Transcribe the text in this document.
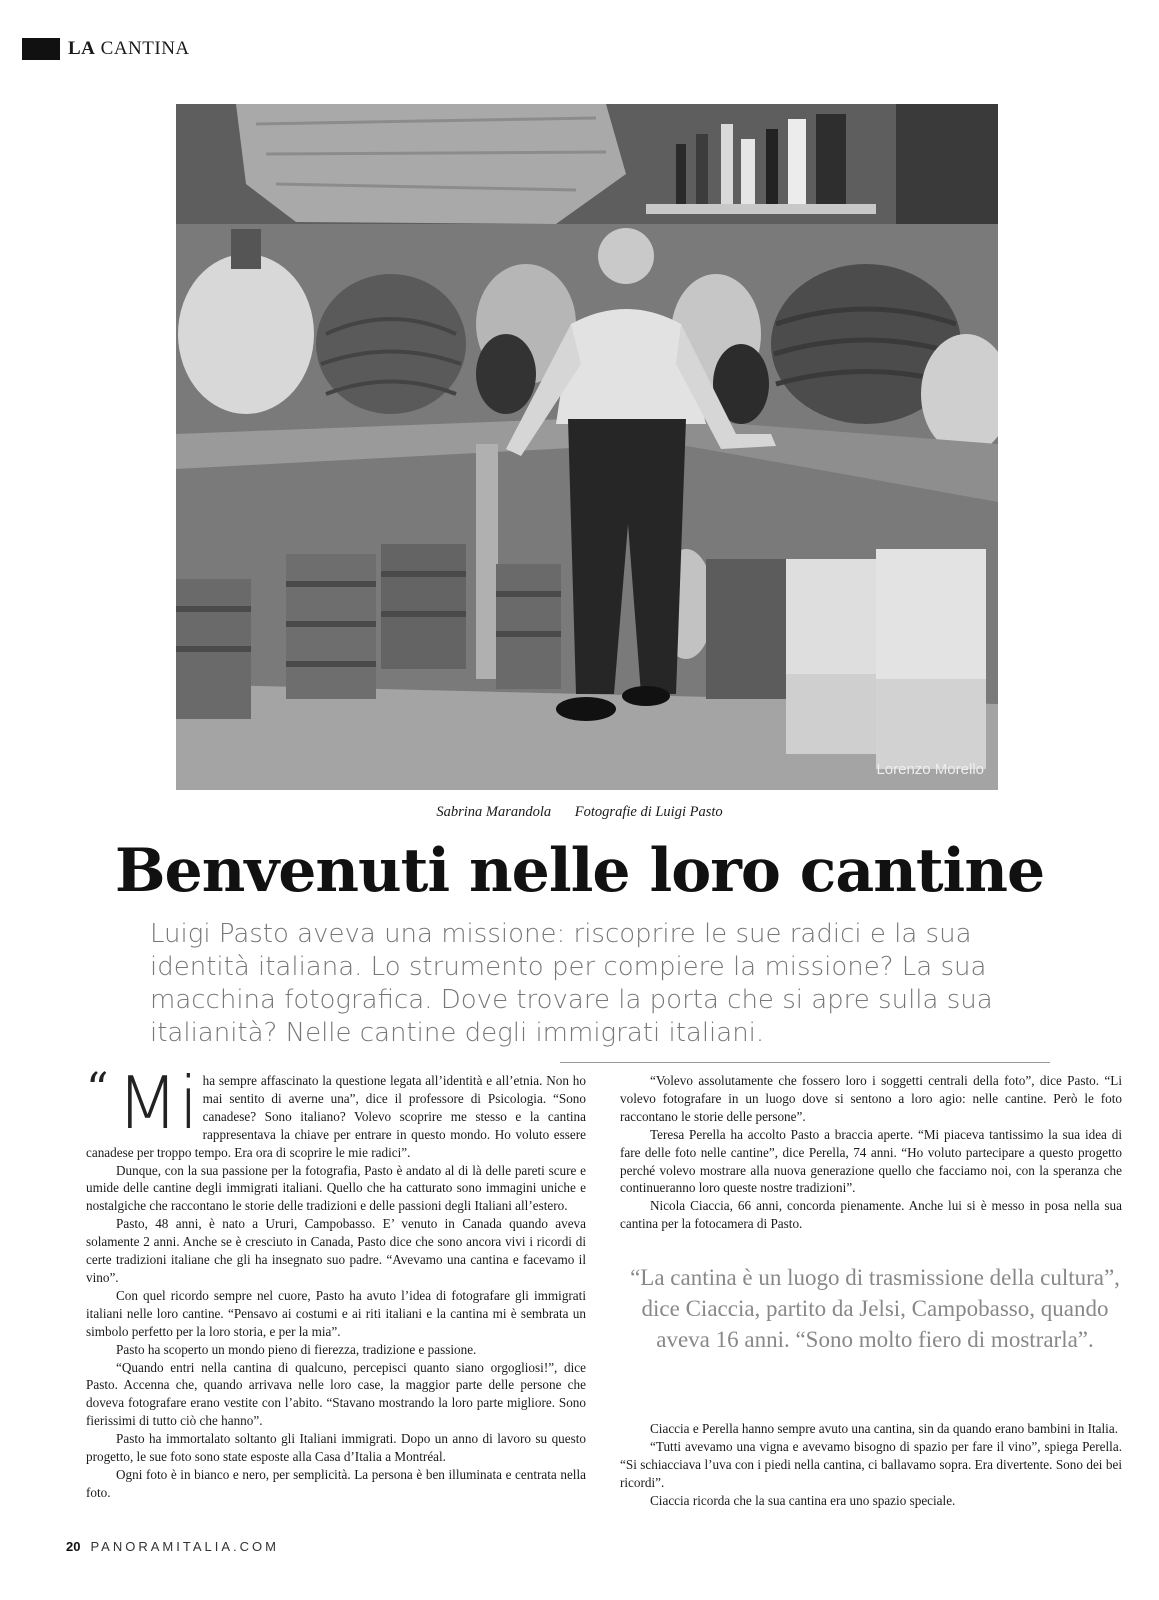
LA CANTINA
Lorenzo Morello
Sabrina Marandola Fotografie di Luigi Pasto
Benvenuti nelle loro cantine
Luigi Pasto aveva una missione: riscoprire le sue radici e la sua identità italiana. Lo strumento per compiere la missione? La sua macchina fotografica. Dove trovare la porta che si apre sulla sua italianità? Nelle cantine degli immigrati italiani.
“ Mi ha sempre affascinato la questione legata all’identità e all’etnia. Non ho mai sentito di averne una”, dice il professore di Psicologia. “Sono canadese? Sono italiano? Volevo scoprire me stesso e la cantina rappresentava la chiave per entrare in questo mondo. Ho voluto essere canadese per troppo tempo. Era ora di scoprire le mie radici”.

Dunque, con la sua passione per la fotografia, Pasto è andato al di là delle pareti scure e umide delle cantine degli immigrati italiani. Quello che ha catturato sono immagini uniche e nostalgiche che raccontano le storie delle tradizioni e delle passioni degli Italiani all’estero.

Pasto, 48 anni, è nato a Ururi, Campobasso. E’ venuto in Canada quando aveva solamente 2 anni. Anche se è cresciuto in Canada, Pasto dice che sono ancora vivi i ricordi di certe tradizioni italiane che gli ha insegnato suo padre. “Avevamo una cantina e facevamo il vino”.

Con quel ricordo sempre nel cuore, Pasto ha avuto l’idea di fotografare gli immigrati italiani nelle loro cantine. “Pensavo ai costumi e ai riti italiani e la cantina mi è sembrata un simbolo perfetto per la loro storia, e per la mia”.

Pasto ha scoperto un mondo pieno di fierezza, tradizione e passione.

“Quando entri nella cantina di qualcuno, percepisci quanto siano orgogliosi!”, dice Pasto. Accenna che, quando arrivava nelle loro case, la maggior parte delle persone che doveva fotografare erano vestite con l’abito. “Stavano mostrando la loro parte migliore. Sono fierissimi di tutto ciò che hanno”.

Pasto ha immortalato soltanto gli Italiani immigrati. Dopo un anno di lavoro su questo progetto, le sue foto sono state esposte alla Casa d’Italia a Montréal.

Ogni foto è in bianco e nero, per semplicità. La persona è ben illuminata e centrata nella foto.

“Volevo assolutamente che fossero loro i soggetti centrali della foto”, dice Pasto. “Li volevo fotografare in un luogo dove si sentono a loro agio: nelle cantine. Però le foto raccontano le storie delle persone”.

Teresa Perella ha accolto Pasto a braccia aperte. “Mi piaceva tantissimo la sua idea di fare delle foto nelle cantine”, dice Perella, 74 anni. “Ho voluto partecipare a questo progetto perché volevo mostrare alla nuova generazione quello che facciamo noi, con la speranza che continueranno loro queste nostre tradizioni”.

Nicola Ciaccia, 66 anni, concorda pienamente. Anche lui si è messo in posa nella sua cantina per la fotocamera di Pasto.

“La cantina è un luogo di trasmissione della cultura”, dice Ciaccia, partito da Jelsi, Campobasso, quando aveva 16 anni. “Sono molto fiero di mostrarla”.

Ciaccia e Perella hanno sempre avuto una cantina, sin da quando erano bambini in Italia.

“Tutti avevamo una vigna e avevamo bisogno di spazio per fare il vino”, spiega Perella. “Si schiacciava l’uva con i piedi nella cantina, ci ballavamo sopra. Era divertente. Sono dei bei ricordi”.

Ciaccia ricorda che la sua cantina era uno spazio speciale.

20 PANORAMITALIA.COM
